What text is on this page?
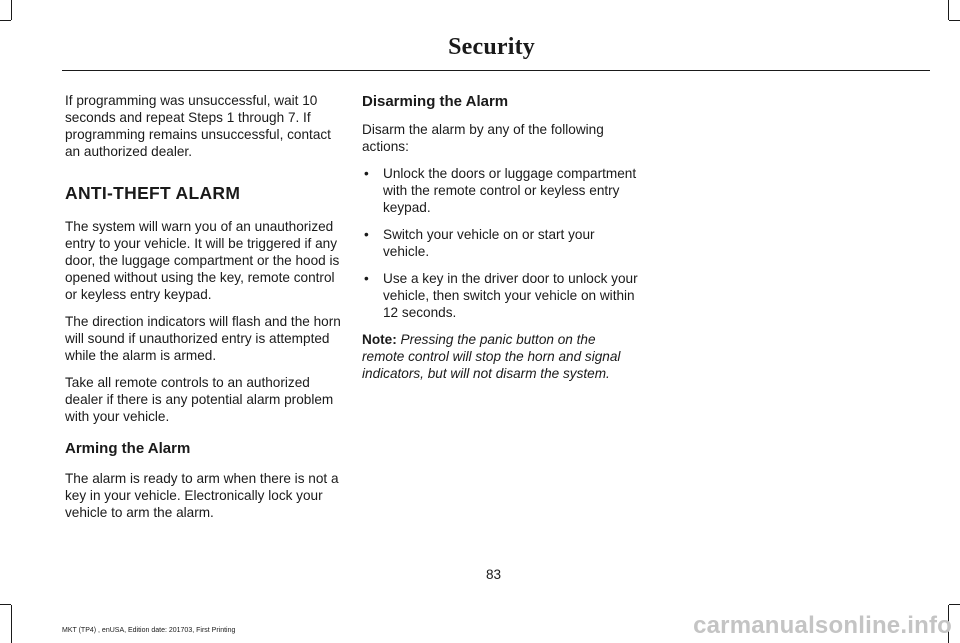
Security

If programming was unsuccessful, wait 10 seconds and repeat Steps 1 through 7. If programming remains unsuccessful, contact an authorized dealer.

ANTI-THEFT ALARM

The system will warn you of an unauthorized entry to your vehicle. It will be triggered if any door, the luggage compartment or the hood is opened without using the key, remote control or keyless entry keypad.

The direction indicators will flash and the horn will sound if unauthorized entry is attempted while the alarm is armed.

Take all remote controls to an authorized dealer if there is any potential alarm problem with your vehicle.

Arming the Alarm

The alarm is ready to arm when there is not a key in your vehicle. Electronically lock your vehicle to arm the alarm.

Disarming the Alarm

Disarm the alarm by any of the following actions:

• Unlock the doors or luggage compartment with the remote control or keyless entry keypad.
• Switch your vehicle on or start your vehicle.
• Use a key in the driver door to unlock your vehicle, then switch your vehicle on within 12 seconds.

Note: Pressing the panic button on the remote control will stop the horn and signal indicators, but will not disarm the system.

83
MKT (TP4) , enUSA, Edition date: 201703, First Printing	carmanualsonline.info
